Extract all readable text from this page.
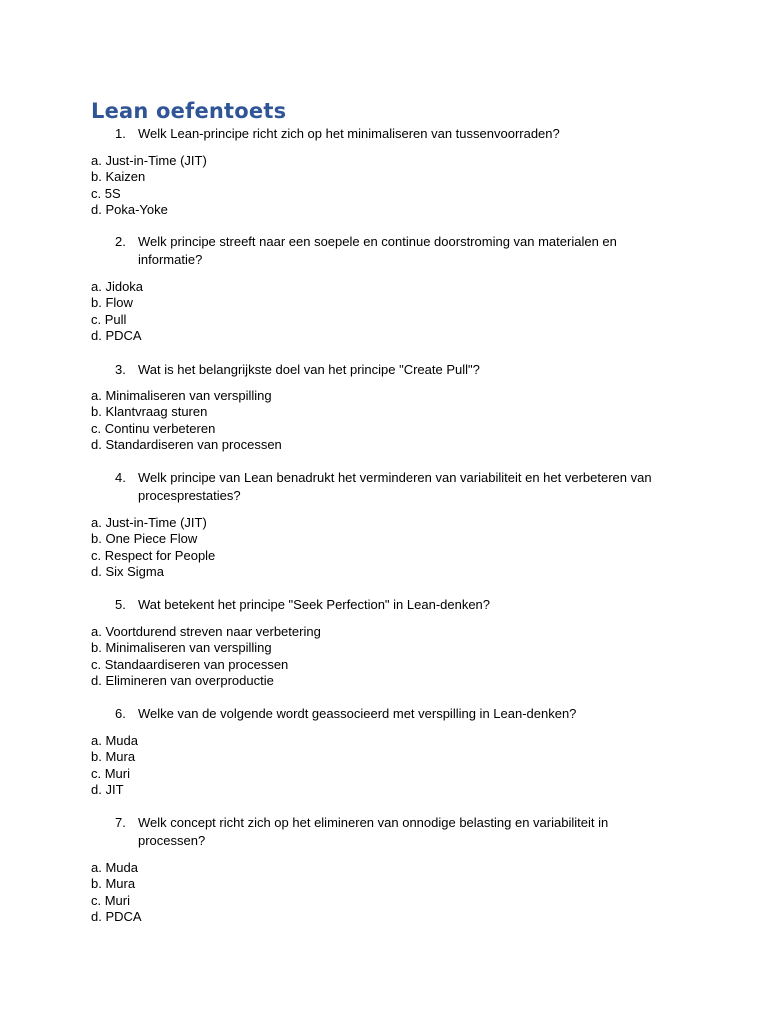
Lean oefentoets

1. Welk Lean-principe richt zich op het minimaliseren van tussenvoorraden?

a. Just-in-Time (JIT)
b. Kaizen
c. 5S
d. Poka-Yoke

2. Welk principe streeft naar een soepele en continue doorstroming van materialen en informatie?

a. Jidoka
b. Flow
c. Pull
d. PDCA

3. Wat is het belangrijkste doel van het principe "Create Pull"?

a. Minimaliseren van verspilling
b. Klantvraag sturen
c. Continu verbeteren
d. Standardiseren van processen

4. Welk principe van Lean benadrukt het verminderen van variabiliteit en het verbeteren van procesprestaties?

a. Just-in-Time (JIT)
b. One Piece Flow
c. Respect for People
d. Six Sigma

5. Wat betekent het principe "Seek Perfection" in Lean-denken?

a. Voortdurend streven naar verbetering
b. Minimaliseren van verspilling
c. Standaardiseren van processen
d. Elimineren van overproductie

6. Welke van de volgende wordt geassocieerd met verspilling in Lean-denken?

a. Muda
b. Mura
c. Muri
d. JIT

7. Welk concept richt zich op het elimineren van onnodige belasting en variabiliteit in processen?

a. Muda
b. Mura
c. Muri
d. PDCA
